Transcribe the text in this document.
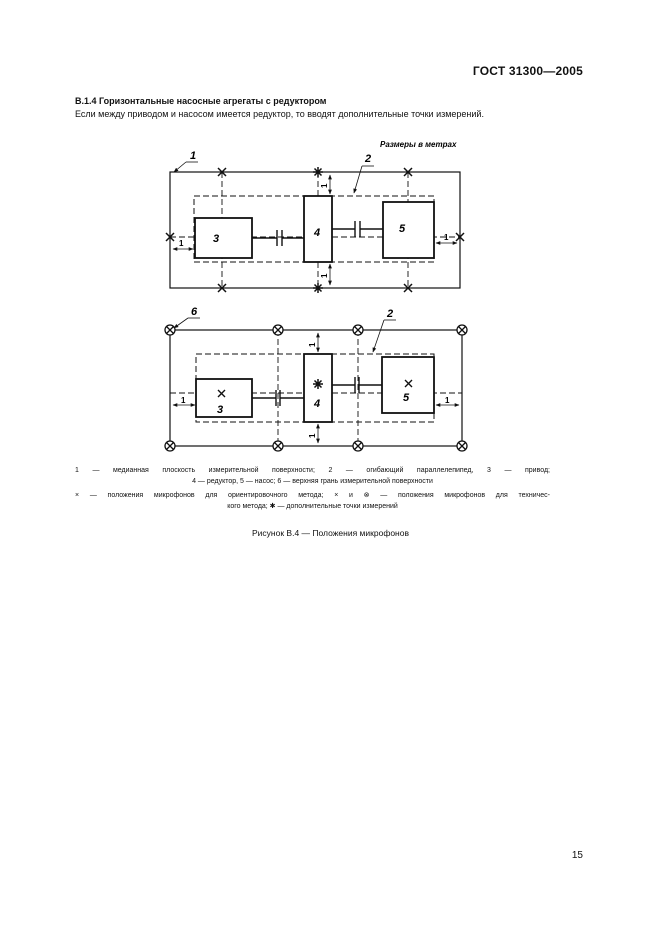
ГОСТ 31300—2005
В.1.4 Горизонтальные насосные агрегаты с редуктором
Если между приводом и насосом имеется редуктор, то вводят дополнительные точки измерений.
Размеры в метрах
3	4	5
1
1
1
1
1	2
3	4	5
1	1
1
1
6	2
1 — медианная плоскость измерительной поверхности; 2 — огибающий параллелепипед, 3 — привод;
4 — редуктор, 5 — насос; 6 — верхняя грань измерительной поверхности
× — положения микрофонов для ориентировочного метода; × и ⊗ — положения микрофонов для техничес-
кого метода; ✱ — дополнительные точки измерений
Рисунок В.4 — Положения микрофонов
15
